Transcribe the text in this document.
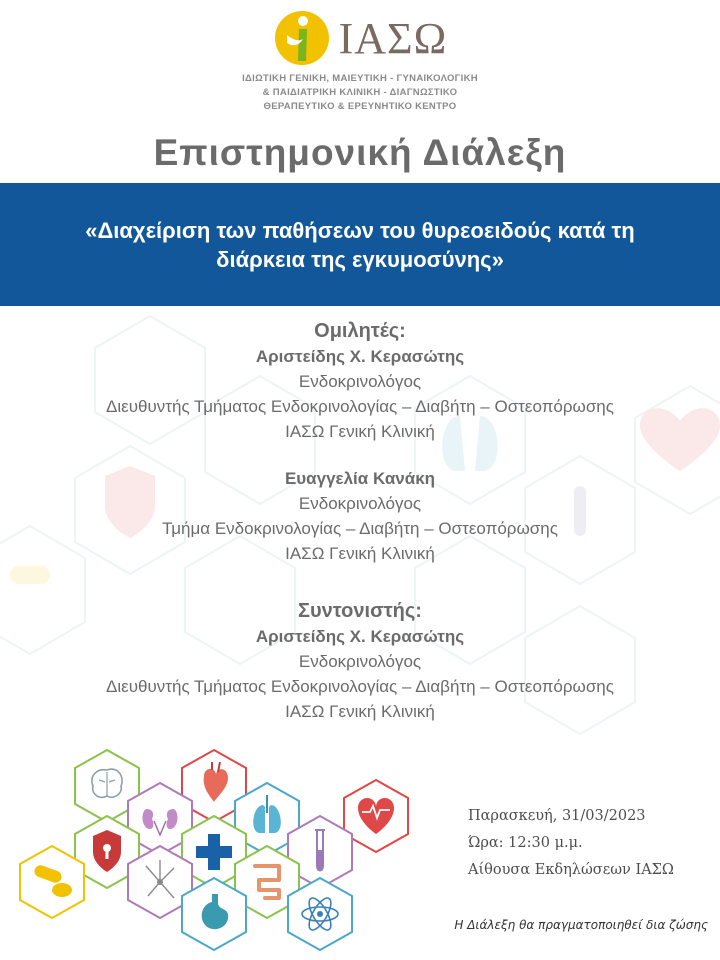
ΙΑΣΩ
ΙΔΙΩΤΙΚΗ ΓΕΝΙΚΗ, ΜΑΙΕΥΤΙΚΗ - ΓΥΝΑΙΚΟΛΟΓΙΚΗ
& ΠΑΙΔΙΑΤΡΙΚΗ ΚΛΙΝΙΚΗ - ΔΙΑΓΝΩΣΤΙΚΟ
ΘΕΡΑΠΕΥΤΙΚΟ & ΕΡΕΥΝΗΤΙΚΟ ΚΕΝΤΡΟ
Επιστημονική Διάλεξη
«Διαχείριση των παθήσεων του θυρεοειδούς κατά τη
διάρκεια της εγκυμοσύνης»
Ομιλητές:
Αριστείδης Χ. Κερασώτης
Ενδοκρινολόγος
Διευθυντής Τμήματος Ενδοκρινολογίας – Διαβήτη – Οστεοπόρωσης
ΙΑΣΩ Γενική Κλινική
Ευαγγελία Κανάκη
Ενδοκρινολόγος
Τμήμα Ενδοκρινολογίας – Διαβήτη – Οστεοπόρωσης
ΙΑΣΩ Γενική Κλινική
Συντονιστής:
Αριστείδης Χ. Κερασώτης
Ενδοκρινολόγος
Διευθυντής Τμήματος Ενδοκρινολογίας – Διαβήτη – Οστεοπόρωσης
ΙΑΣΩ Γενική Κλινική
Παρασκευή, 31/03/2023
Ώρα: 12:30 μ.μ.
Αίθουσα Εκδηλώσεων ΙΑΣΩ
Η Διάλεξη θα πραγματοποιηθεί δια ζώσης
